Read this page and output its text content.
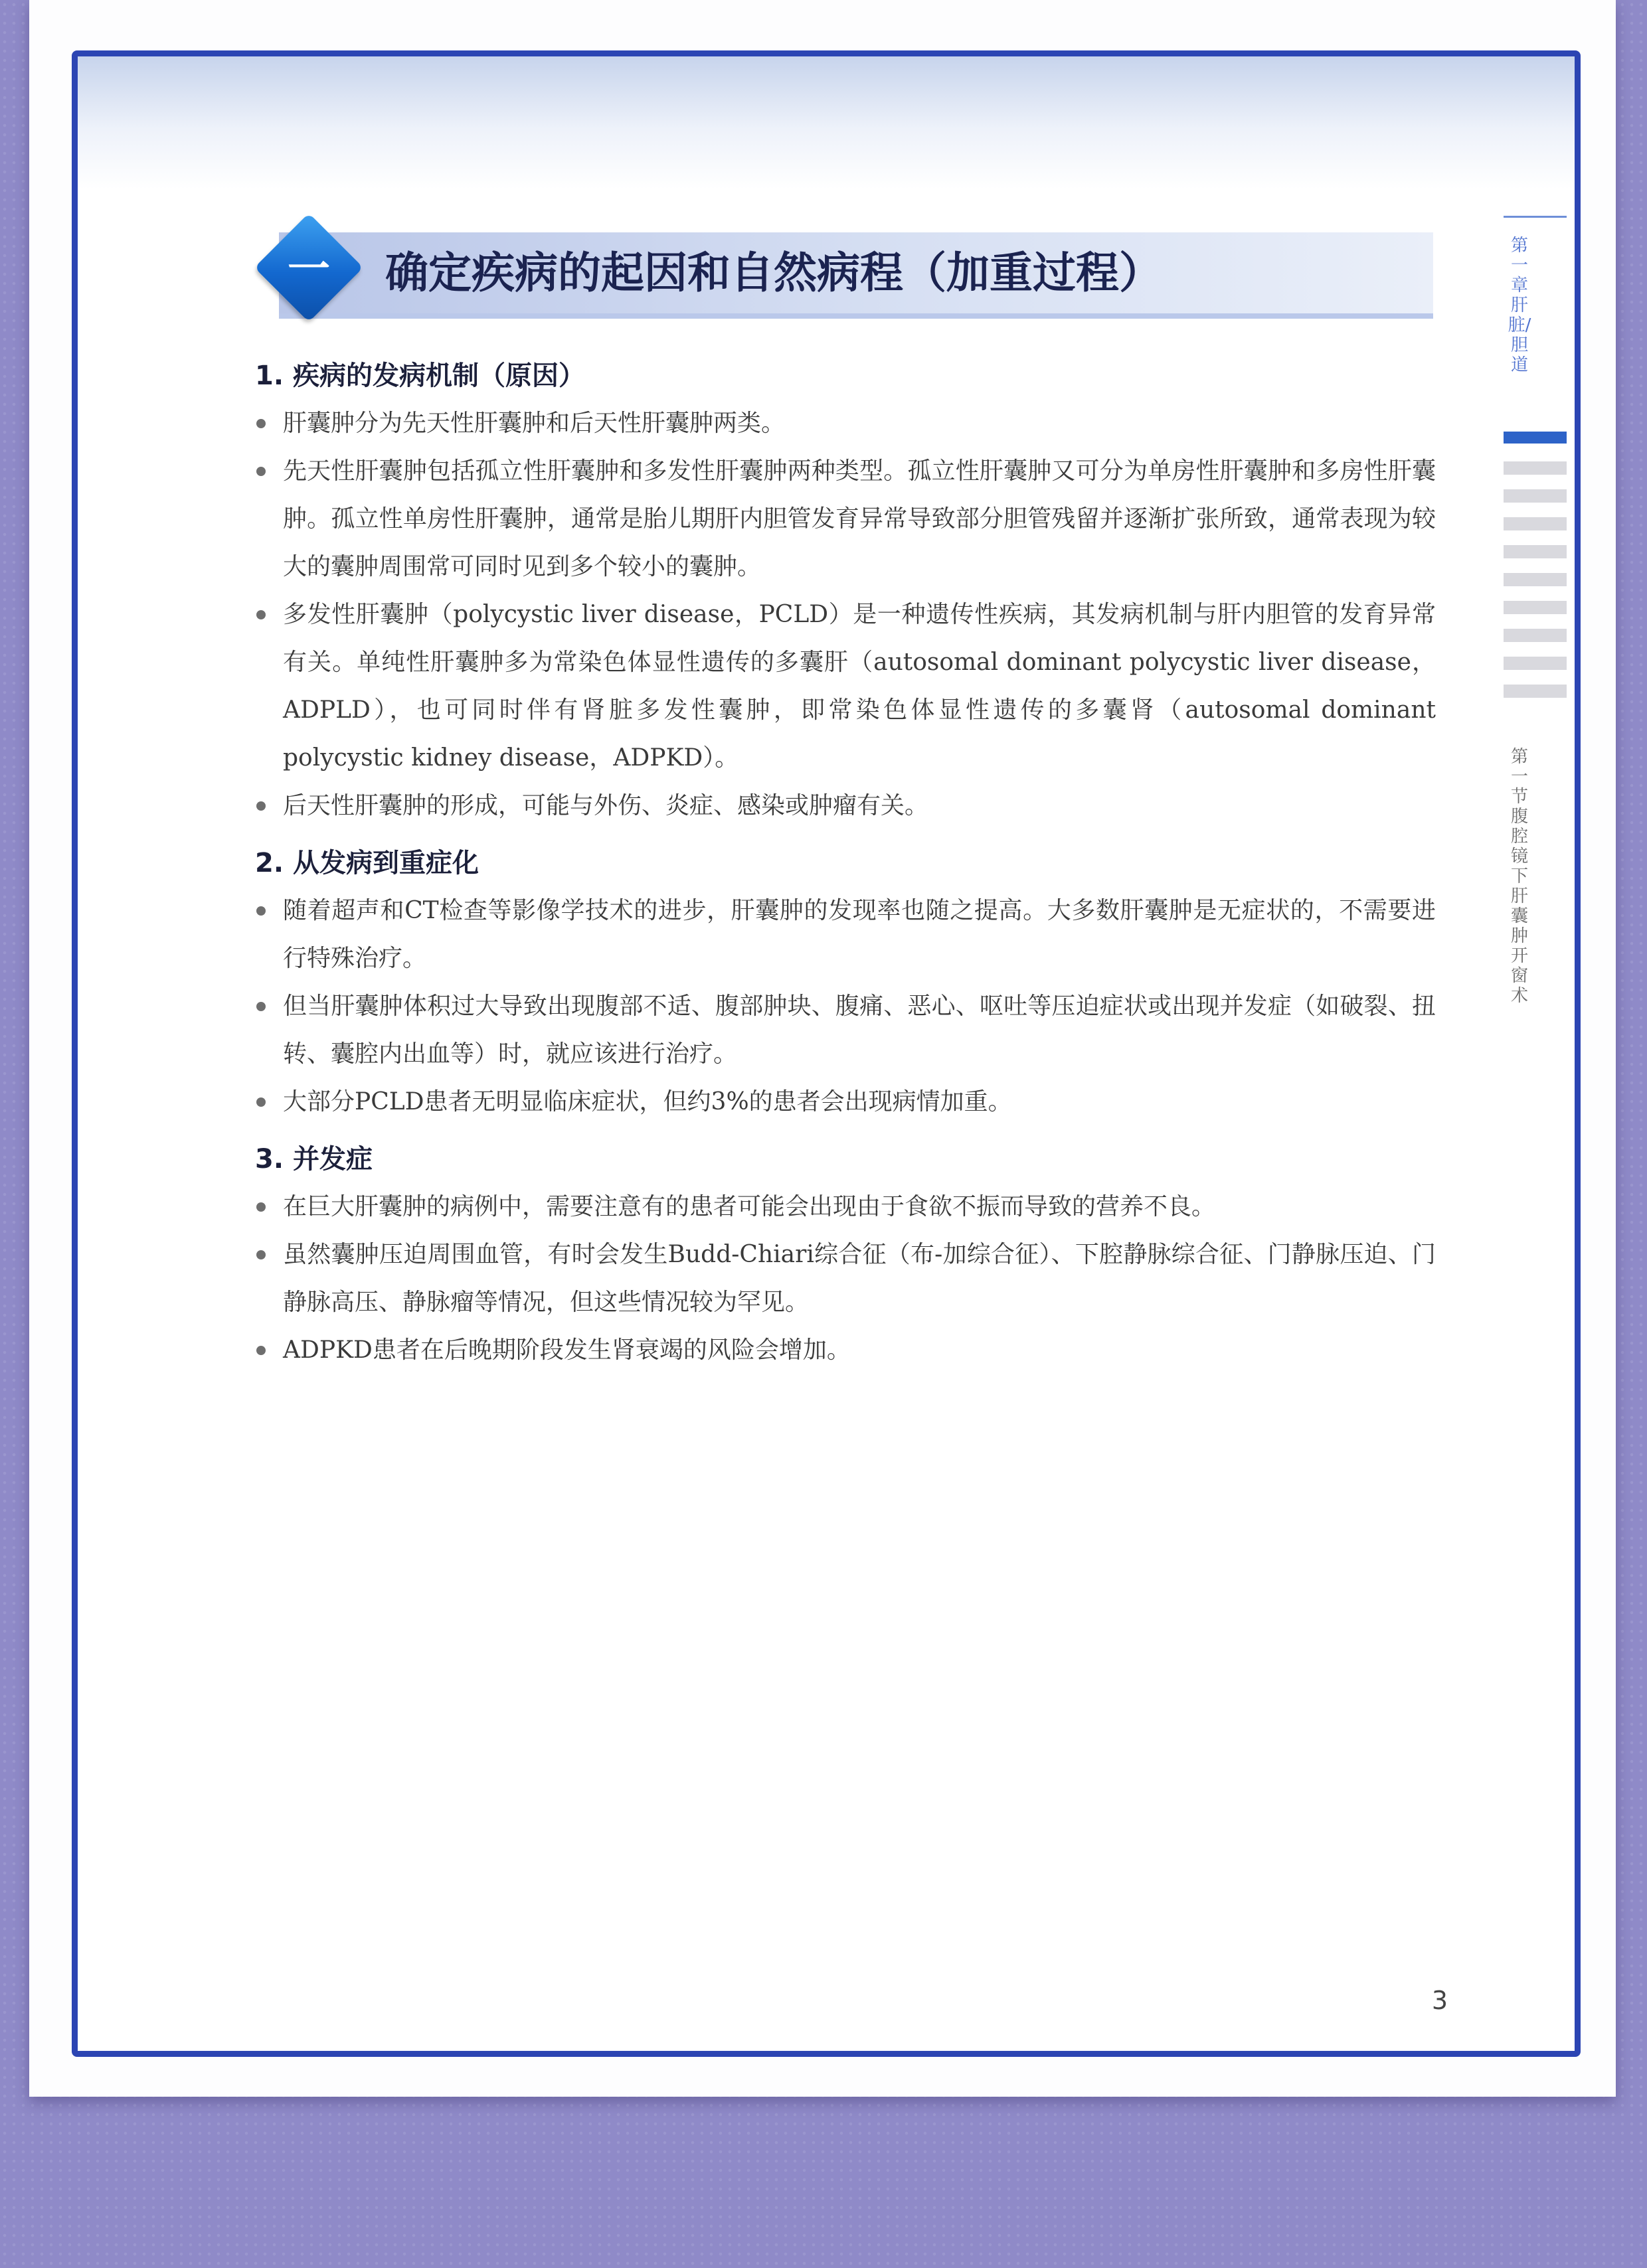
一	确定疾病的起因和自然病程（加重过程）
1. 疾病的发病机制（原因）
肝囊肿分为先天性肝囊肿和后天性肝囊肿两类。
先天性肝囊肿包括孤立性肝囊肿和多发性肝囊肿两种类型。孤立性肝囊肿又可分为单房性肝囊肿和多房性肝囊肿。孤立性单房性肝囊肿，通常是胎儿期肝内胆管发育异常导致部分胆管残留并逐渐扩张所致，通常表现为较大的囊肿周围常可同时见到多个较小的囊肿。
多发性肝囊肿（polycystic liver disease，PCLD）是一种遗传性疾病，其发病机制与肝内胆管的发育异常有关。单纯性肝囊肿多为常染色体显性遗传的多囊肝（autosomal dominant polycystic liver disease，ADPLD），也可同时伴有肾脏多发性囊肿，即常染色体显性遗传的多囊肾（autosomal dominant polycystic kidney disease，ADPKD）。
后天性肝囊肿的形成，可能与外伤、炎症、感染或肿瘤有关。
2. 从发病到重症化
随着超声和CT检查等影像学技术的进步，肝囊肿的发现率也随之提高。大多数肝囊肿是无症状的，不需要进行特殊治疗。
但当肝囊肿体积过大导致出现腹部不适、腹部肿块、腹痛、恶心、呕吐等压迫症状或出现并发症（如破裂、扭转、囊腔内出血等）时，就应该进行治疗。
大部分PCLD患者无明显临床症状，但约3%的患者会出现病情加重。
3. 并发症
在巨大肝囊肿的病例中，需要注意有的患者可能会出现由于食欲不振而导致的营养不良。
虽然囊肿压迫周围血管，有时会发生Budd-Chiari综合征（布-加综合征）、下腔静脉综合征、门静脉压迫、门静脉高压、静脉瘤等情况，但这些情况较为罕见。
ADPKD患者在后晚期阶段发生肾衰竭的风险会增加。
第一章 肝脏/胆道
第一节 腹腔镜下肝囊肿开窗术
3
